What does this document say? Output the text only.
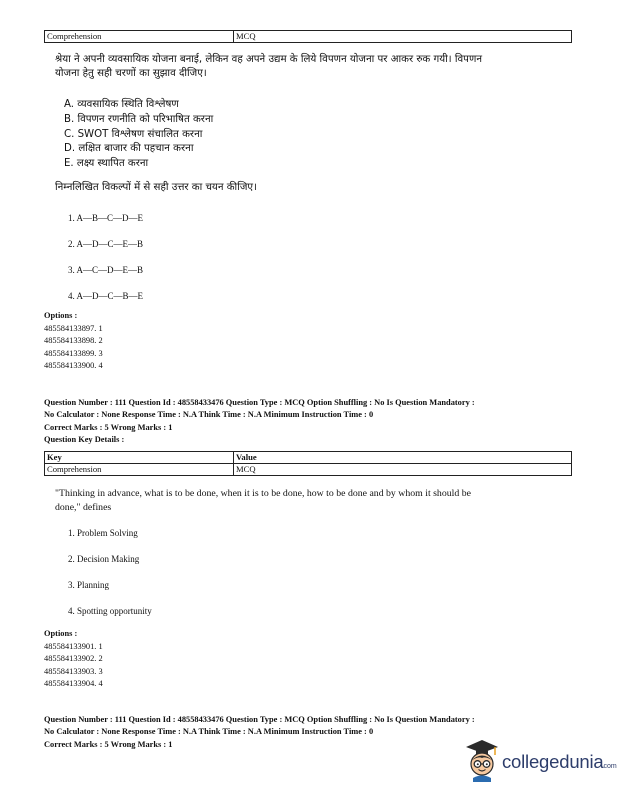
Comprehension	MCQ
श्रेया ने अपनी व्यवसायिक योजना बनाई, लेकिन वह अपने उद्यम के लिये विपणन योजना पर आकर रुक गयी। विपणन
योजना हेतु सही चरणों का सुझाव दीजिए।
A. व्यवसायिक स्थिति विश्लेषण
B. विपणन रणनीति को परिभाषित करना
C. SWOT विश्लेषण संचालित करना
D. लक्षित बाजार की पहचान करना
E. लक्ष्य स्थापित करना
निम्नलिखित विकल्पों में से सही उत्तर का चयन कीजिए।
1. A—B—C—D—E
2. A—D—C—E—B
3. A—C—D—E—B
4. A—D—C—B—E
Options :
485584133897. 1
485584133898. 2
485584133899. 3
485584133900. 4
Question Number : 111 Question Id : 48558433476 Question Type : MCQ Option Shuffling : No Is Question Mandatory :
No Calculator : None Response Time : N.A Think Time : N.A Minimum Instruction Time : 0
Correct Marks : 5 Wrong Marks : 1
Question Key Details :
Key	Value
Comprehension	MCQ
"Thinking in advance, what is to be done, when it is to be done, how to be done and by whom it should be
done," defines
1. Problem Solving
2. Decision Making
3. Planning
4. Spotting opportunity
Options :
485584133901. 1
485584133902. 2
485584133903. 3
485584133904. 4
Question Number : 111 Question Id : 48558433476 Question Type : MCQ Option Shuffling : No Is Question Mandatory :
No Calculator : None Response Time : N.A Think Time : N.A Minimum Instruction Time : 0
Correct Marks : 5 Wrong Marks : 1
collegeduniacom
